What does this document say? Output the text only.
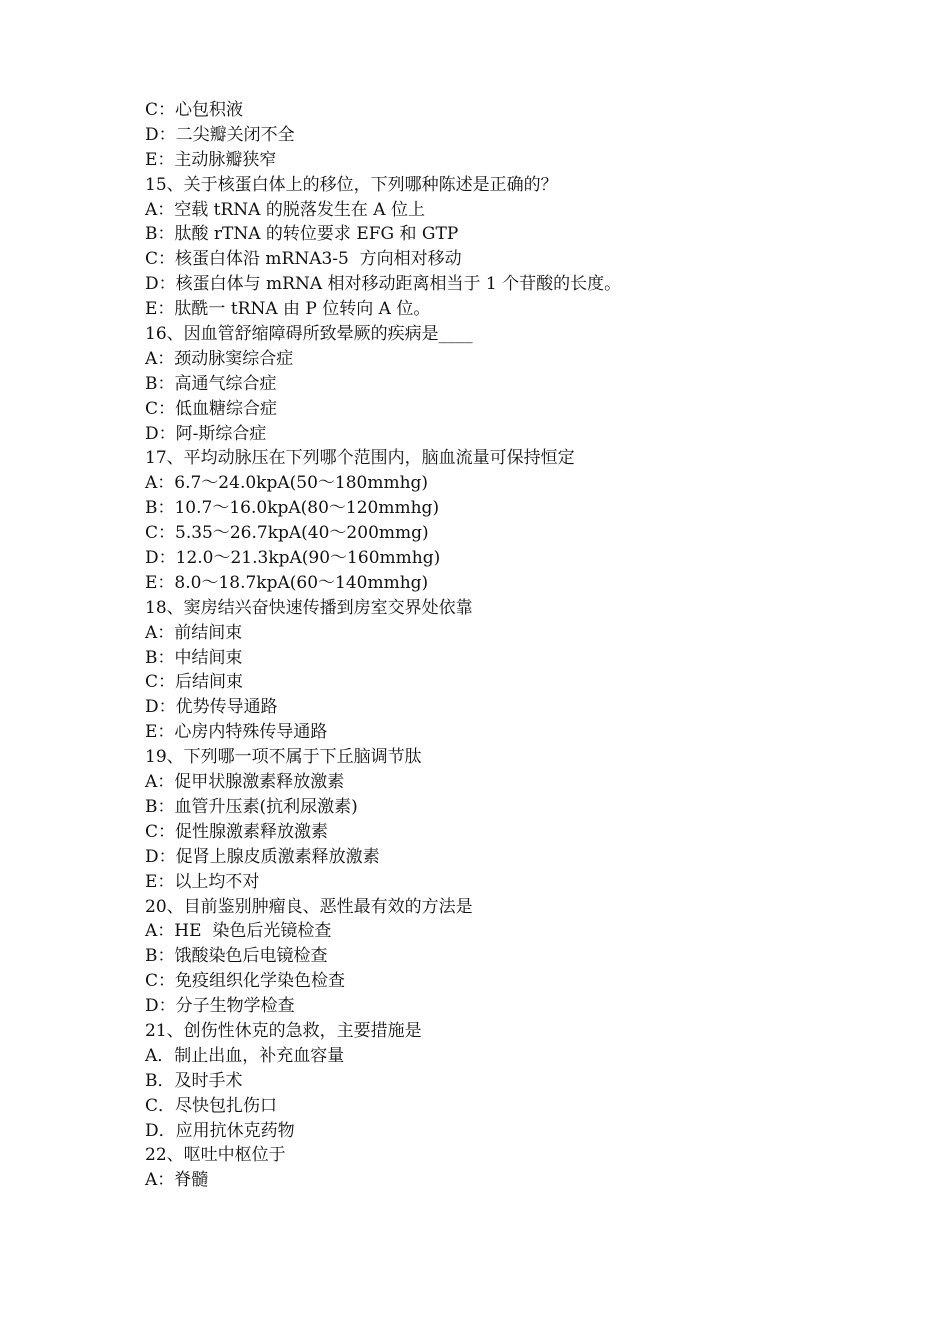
C：心包积液
D：二尖瓣关闭不全
E：主动脉瓣狭窄
15、关于核蛋白体上的移位，下列哪种陈述是正确的？
A：空载 tRNA 的脱落发生在 A 位上
B：肽酸 rTNA 的转位要求 EFG 和 GTP
C：核蛋白体沿 mRNA3-5  方向相对移动
D：核蛋白体与 mRNA 相对移动距离相当于 1 个苷酸的长度。
E：肽酰一 tRNA 由 P 位转向 A 位。
16、因血管舒缩障碍所致晕厥的疾病是____
A：颈动脉窦综合症
B：高通气综合症
C：低血糖综合症
D：阿-斯综合症
17、平均动脉压在下列哪个范围内，脑血流量可保持恒定
A：6.7～24.0kpA(50～180mmhg)
B：10.7～16.0kpA(80～120mmhg)
C：5.35～26.7kpA(40～200mmg)
D：12.0～21.3kpA(90～160mmhg)
E：8.0～18.7kpA(60～140mmhg)
18、窦房结兴奋快速传播到房室交界处依靠
A：前结间束
B：中结间束
C：后结间束
D：优势传导通路
E：心房内特殊传导通路
19、下列哪一项不属于下丘脑调节肽
A：促甲状腺激素释放激素
B：血管升压素(抗利尿激素)
C：促性腺激素释放激素
D：促肾上腺皮质激素释放激素
E：以上均不对
20、目前鉴别肿瘤良、恶性最有效的方法是
A：HE  染色后光镜检查
B：饿酸染色后电镜检查
C：免疫组织化学染色检查
D：分子生物学检查
21、创伤性休克的急救，主要措施是
A．制止出血，补充血容量
B．及时手术
C．尽快包扎伤口
D．应用抗休克药物
22、呕吐中枢位于
A：脊髓
